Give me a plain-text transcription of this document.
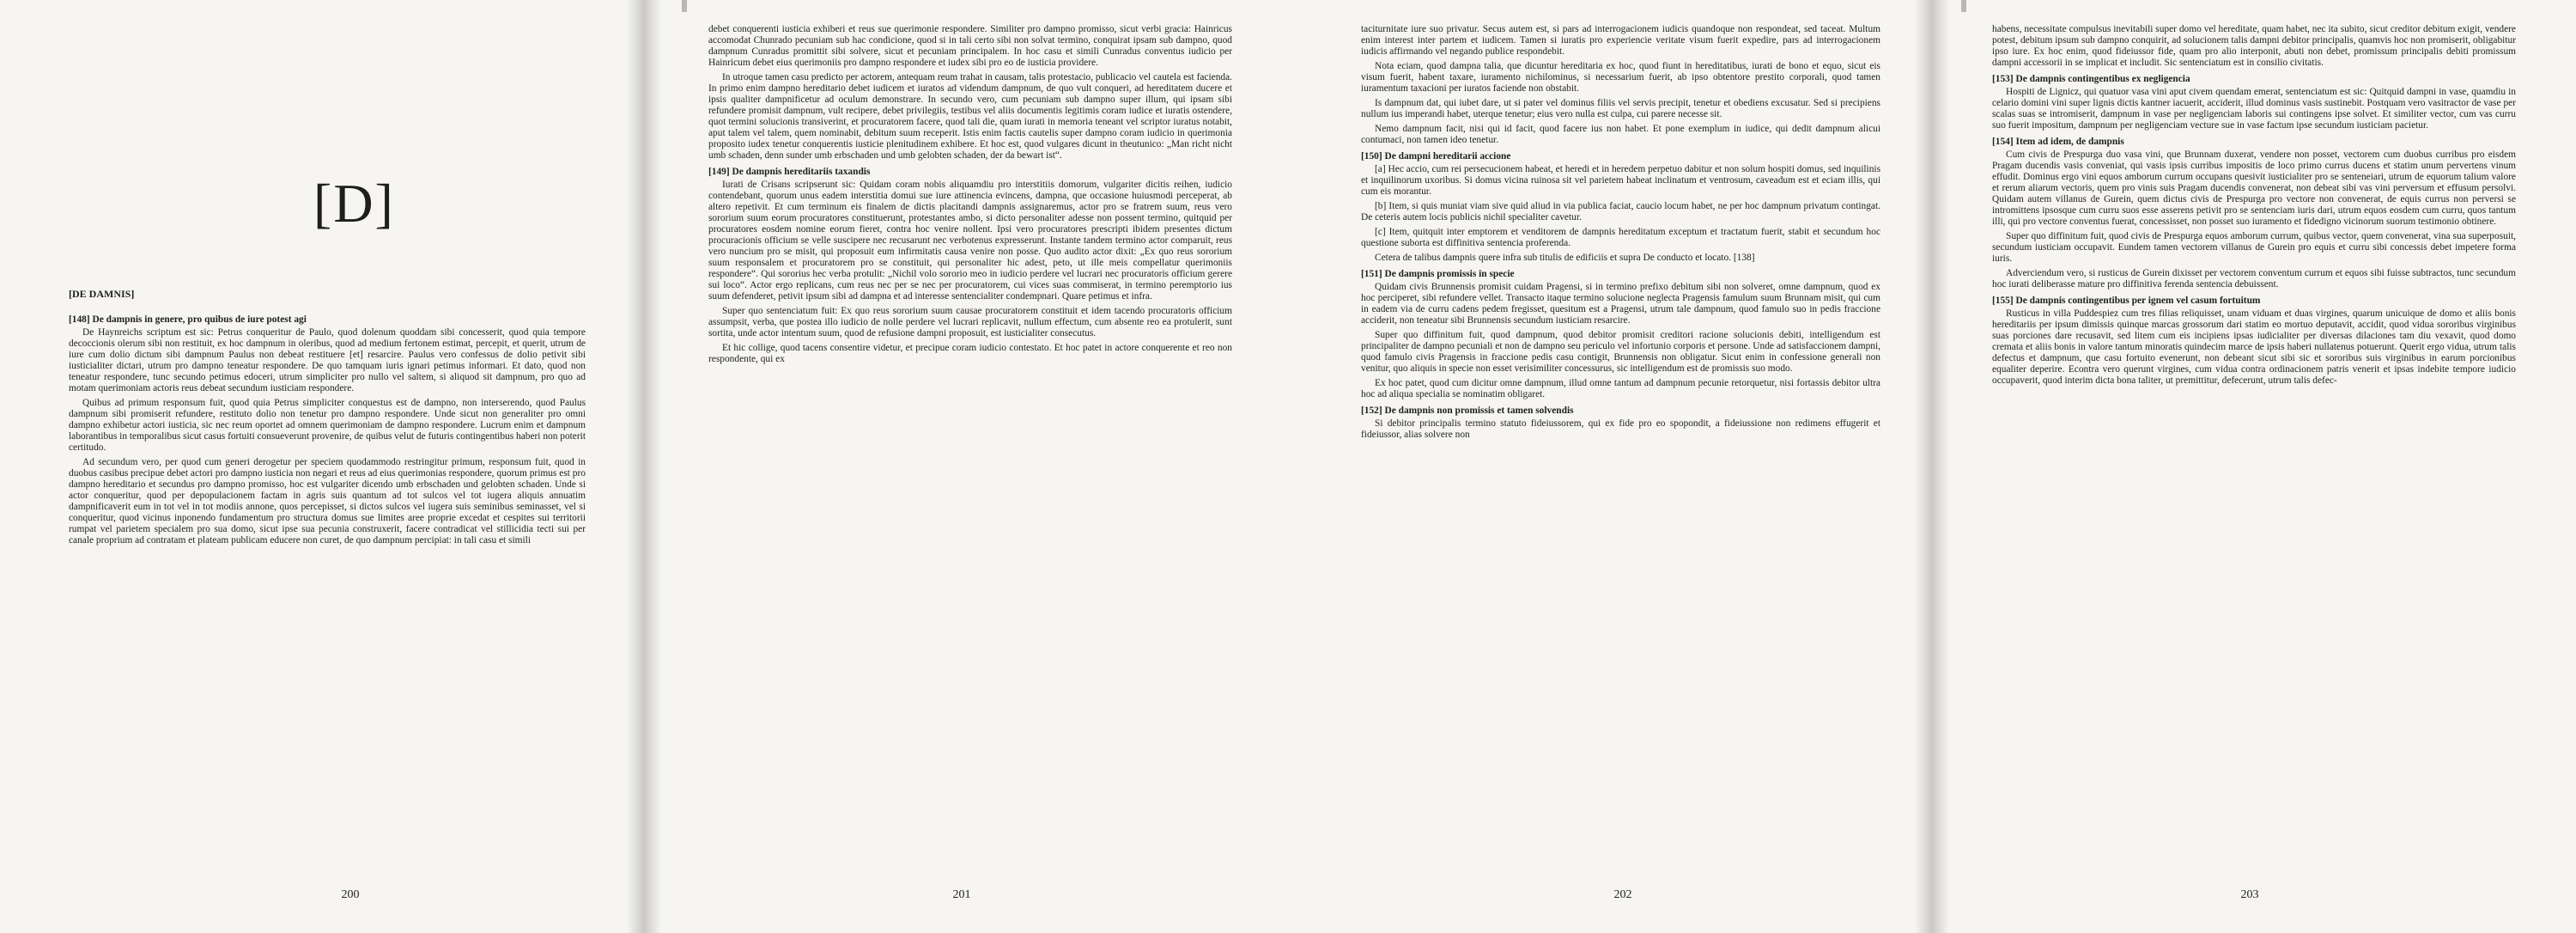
[D]
[DE DAMNIS]

[148] De dampnis in genere, pro quibus de iure potest agi

De Haynreichs scriptum est sic: Petrus conqueritur de Paulo, quod dolenum quoddam sibi concesserit, quod quia tempore decoccionis olerum sibi non restituit, ex hoc dampnum in oleribus, quod ad medium fertonem estimat, percepit, et querit, utrum de iure cum dolio dictum sibi dampnum Paulus non debeat restituere [et] resarcire. Paulus vero confessus de dolio petivit sibi iusticialiter dictari, utrum pro dampno teneatur respondere. De quo tamquam iuris ignari petimus informari. Et dato, quod non teneatur respondere, tunc secundo petimus edoceri, utrum simpliciter pro nullo vel saltem, si aliquod sit dampnum, pro quo ad motam querimoniam actoris reus debeat secundum iusticiam respondere.

Quibus ad primum responsum fuit, quod quia Petrus simpliciter conquestus est de dampno, non interserendo, quod Paulus dampnum sibi promiserit refundere, restituto dolio non tenetur pro dampno respondere. Unde sicut non generaliter pro omni dampno exhibetur actori iusticia, sic nec reum oportet ad omnem querimoniam de dampno respondere. Lucrum enim et dampnum laborantibus in temporalibus sicut casus fortuiti consueverunt provenire, de quibus velut de futuris contingentibus haberi non poterit certitudo.

Ad secundum vero, per quod cum generi derogetur per speciem quodammodo restringitur primum, responsum fuit, quod in duobus casibus precipue debet actori pro dampno iusticia non negari et reus ad eius querimonias respondere, quorum primus est pro dampno hereditario et secundus pro dampno promisso, hoc est vulgariter dicendo umb erbschaden und gelobten schaden. Unde si actor conqueritur, quod per depopulacionem factam in agris suis quantum ad tot sulcos vel tot iugera aliquis annuatim dampnificaverit eum in tot vel in tot modiis annone, quos percepisset, si dictos sulcos vel iugera suis seminibus seminasset, vel si conqueritur, quod vicinus inponendo fundamentum pro structura domus sue limites aree proprie excedat et cespites sui territorii rumpat vel parietem specialem pro sua domo, sicut ipse sua pecunia construxerit, facere contradicat vel stillicidia tecti sui per canale proprium ad contratam et plateam publicam educere non curet, de quo dampnum percipiat: in tali casu et simili

200

debet conquerenti iusticia exhiberi et reus sue querimonie respondere. Similiter pro dampno promisso, sicut verbi gracia: Hainricus accomodat Chunrado pecuniam sub hac condicione, quod si in tali certo sibi non solvat termino, conquirat ipsam sub dampno, quod dampnum Cunradus promittit sibi solvere, sicut et pecuniam principalem. In hoc casu et simili Cunradus conventus iudicio per Hainricum debet eius querimoniis pro dampno respondere et iudex sibi pro eo de iusticia providere.

In utroque tamen casu predicto per actorem, antequam reum trahat in causam, talis protestacio, publicacio vel cautela est facienda. In primo enim dampno hereditario debet iudicem et iuratos ad videndum dampnum, de quo vult conqueri, ad hereditatem ducere et ipsis qualiter dampnificetur ad oculum demonstrare. In secundo vero, cum pecuniam sub dampno super illum, qui ipsam sibi refundere promisit dampnum, vult recipere, debet privilegiis, testibus vel aliis documentis legitimis coram iudice et iuratis ostendere, quot termini solucionis transiverint, et procuratorem facere, quod tali die, quam iurati in memoria teneant vel scriptor iuratus notabit, aput talem vel talem, quem nominabit, debitum suum receperit. Istis enim factis cautelis super dampno coram iudicio in querimonia proposito iudex tenetur conquerentis iusticie plenitudinem exhibere. Et hoc est, quod vulgares dicunt in theutunico: „Man richt nicht umb schaden, denn sunder umb erbschaden und umb gelobten schaden, der da bewart ist“.

[149] De dampnis hereditariis taxandis

Iurati de Crisans scripserunt sic: Quidam coram nobis aliquamdiu pro interstitiis domorum, vulgariter dicitis reihen, iudicio contendebant, quorum unus eadem interstitia domui sue iure attinencia evincens, dampna, que occasione huiusmodi perceperat, ab altero repetivit. Et cum terminum eis finalem de dictis placitandi dampnis assignaremus, actor pro se fratrem suum, reus vero sororium suum eorum procuratores constituerunt, protestantes ambo, si dicto personaliter adesse non possent termino, quitquid per procuratores eosdem nomine eorum fieret, contra hoc venire nollent. Ipsi vero procuratores prescripti ibidem presentes dictum procuracionis officium se velle suscipere nec recusarunt nec verbotenus expresserunt. Instante tandem termino actor comparuit, reus vero nuncium pro se misit, qui proposuit eum infirmitatis causa venire non posse. Quo audito actor dixit: „Ex quo reus sororium suum responsalem et procuratorem pro se constituit, qui personaliter hic adest, peto, ut ille meis compellatur querimoniis respondere“. Qui sororius hec verba protulit: „Nichil volo sororio meo in iudicio perdere vel lucrari nec procuratoris officium gerere sui loco“. Actor ergo replicans, cum reus nec per se nec per procuratorem, cui vices suas commiserat, in termino peremptorio ius suum defenderet, petivit ipsum sibi ad dampna et ad interesse sentencialiter condempnari. Quare petimus et infra.

Super quo sentenciatum fuit: Ex quo reus sororium suum causae procuratorem constituit et idem tacendo procuratoris officium assumpsit, verba, que postea illo iudicio de nolle perdere vel lucrari replicavit, nullum effectum, cum absente reo ea protulerit, sunt sortita, unde actor intentum suum, quod de refusione dampni proposuit, est iusticialiter consecutus.

Et hic collige, quod tacens consentire videtur, et precipue coram iudicio contestato. Et hoc patet in actore conquerente et reo non respondente, qui ex

201

taciturnitate iure suo privatur. Secus autem est, si pars ad interrogacionem iudicis quandoque non respondeat, sed taceat. Multum enim interest inter partem et iudicem. Tamen si iuratis pro experiencie veritate visum fuerit expedire, pars ad interrogacionem iudicis affirmando vel negando publice respondebit.

Nota eciam, quod dampna talia, que dicuntur hereditaria ex hoc, quod fiunt in hereditatibus, iurati de bono et equo, sicut eis visum fuerit, habent taxare, iuramento nichilominus, si necessarium fuerit, ab ipso obtentore prestito corporali, quod tamen iuramentum taxacioni per iuratos faciende non obstabit.

Is dampnum dat, qui iubet dare, ut si pater vel dominus filiis vel servis precipit, tenetur et obediens excusatur. Sed si precipiens nullum ius imperandi habet, uterque tenetur; eius vero nulla est culpa, cui parere necesse sit.

Nemo dampnum facit, nisi qui id facit, quod facere ius non habet. Et pone exemplum in iudice, qui dedit dampnum alicui contumaci, non tamen ideo tenetur.

[150] De dampni hereditarii accione

[a] Hec accio, cum rei persecucionem habeat, et heredi et in heredem perpetuo dabitur et non solum hospiti domus, sed inquilinis et inquilinorum uxoribus. Si domus vicina ruinosa sit vel parietem habeat inclinatum et ventrosum, caveadum est et eciam illis, qui cum eis morantur.

[b] Item, si quis muniat viam sive quid aliud in via publica faciat, caucio locum habet, ne per hoc dampnum privatum contingat. De ceteris autem locis publicis nichil specialiter cavetur.

[c] Item, quitquit inter emptorem et venditorem de dampnis hereditatum exceptum et tractatum fuerit, stabit et secundum hoc questione suborta est diffinitiva sentencia proferenda.

Cetera de talibus dampnis quere infra sub titulis de edificiis et supra De conducto et locato. [138]

[151] De dampnis promissis in specie

Quidam civis Brunnensis promisit cuidam Pragensi, si in termino prefixo debitum sibi non solveret, omne dampnum, quod ex hoc perciperet, sibi refundere vellet. Transacto itaque termino solucione neglecta Pragensis famulum suum Brunnam misit, qui cum in eadem via de curru cadens pedem fregisset, quesitum est a Pragensi, utrum tale dampnum, quod famulo suo in pedis fraccione acciderit, non teneatur sibi Brunnensis secundum iusticiam resarcire.

Super quo diffinitum fuit, quod dampnum, quod debitor promisit creditori racione solucionis debiti, intelligendum est principaliter de dampno pecuniali et non de dampno seu periculo vel infortunio corporis et persone. Unde ad satisfaccionem dampni, quod famulo civis Pragensis in fraccione pedis casu contigit, Brunnensis non obligatur. Sicut enim in confessione generali non venitur, quo aliquis in specie non esset verisimiliter concessurus, sic intelligendum est de promissis suo modo.

Ex hoc patet, quod cum dicitur omne dampnum, illud omne tantum ad dampnum pecunie retorquetur, nisi fortassis debitor ultra hoc ad aliqua specialia se nominatim obligaret.

[152] De dampnis non promissis et tamen solvendis

Si debitor principalis termino statuto fideiussorem, qui ex fide pro eo spopondit, a fideiussione non redimens effugerit et fideiussor, alias solvere non

202

habens, necessitate compulsus inevitabili super domo vel hereditate, quam habet, nec ita subito, sicut creditor debitum exigit, vendere potest, debitum ipsum sub dampno conquirit, ad solucionem talis dampni debitor principalis, quamvis hoc non promiserit, obligabitur ipso iure. Ex hoc enim, quod fideiussor fide, quam pro alio interponit, abuti non debet, promissum principalis debiti promissum dampni accessorii in se implicat et includit. Sic sentenciatum est in consilio civitatis.

[153] De dampnis contingentibus ex negligencia

Hospiti de Lignicz, qui quatuor vasa vini aput civem quendam emerat, sentenciatum est sic: Quitquid dampni in vase, quamdiu in celario domini vini super lignis dictis kantner iacuerit, acciderit, illud dominus vasis sustinebit. Postquam vero vasitractor de vase per scalas suas se intromiserit, dampnum in vase per negligenciam laboris sui contingens ipse solvet. Et similiter vector, cum vas curru suo fuerit impositum, dampnum per negligenciam vecture sue in vase factum ipse secundum iusticiam pacietur.

[154] Item ad idem, de dampnis

Cum civis de Prespurga duo vasa vini, que Brunnam duxerat, vendere non posset, vectorem cum duobus curribus pro eisdem Pragam ducendis vasis conveniat, qui vasis ipsis curribus impositis de loco primo currus ducens et statim unum pervertens vinum effudit. Dominus ergo vini equos amborum currum occupans quesivit iusticialiter pro se senteneiari, utrum de equorum talium valore et rerum aliarum vectoris, quem pro vinis suis Pragam ducendis convenerat, non debeat sibi vas vini perversum et effusum persolvi. Quidam autem villanus de Gurein, quem dictus civis de Prespurga pro vectore non convenerat, de equis currus non perversi se intromittens ipsosque cum curru suos esse asserens petivit pro se sentenciam iuris dari, utrum equos eosdem cum curru, quos tantum illi, qui pro vectore conventus fuerat, concessisset, non posset suo iuramento et fidedigno vicinorum suorum testimonio obtinere.

Super quo diffinitum fuit, quod civis de Prespurga equos amborum currum, quibus vector, quem convenerat, vina sua superposuit, secundum iusticiam occupavit. Eundem tamen vectorem villanus de Gurein pro equis et curru sibi concessis debet impetere forma iuris.

Adverciendum vero, si rusticus de Gurein dixisset per vectorem conventum currum et equos sibi fuisse subtractos, tunc secundum hoc iurati deliberasse mature pro diffinitiva ferenda sentencia debuissent.

[155] De dampnis contingentibus per ignem vel casum fortuitum

Rusticus in villa Puddespiez cum tres filias reliquisset, unam viduam et duas virgines, quarum unicuique de domo et aliis bonis hereditariis per ipsum dimissis quinque marcas grossorum dari statim eo mortuo deputavit, accidit, quod vidua sororibus virginibus suas porciones dare recusavit, sed litem cum eis incipiens ipsas iudicialiter per diversas dilaciones tam diu vexavit, quod domo cremata et aliis bonis in valore tantum minoratis quindecim marce de ipsis haberi nullatenus potuerunt. Querit ergo vidua, utrum talis defectus et dampnum, que casu fortuito evenerunt, non debeant sicut sibi sic et sororibus suis virginibus in earum porcionibus equaliter deperire. Econtra vero querunt virgines, cum vidua contra ordinacionem patris venerit et ipsas indebite tempore iudicio occupaverit, quod interim dicta bona taliter, ut premittitur, defecerunt, utrum talis defec-

203
